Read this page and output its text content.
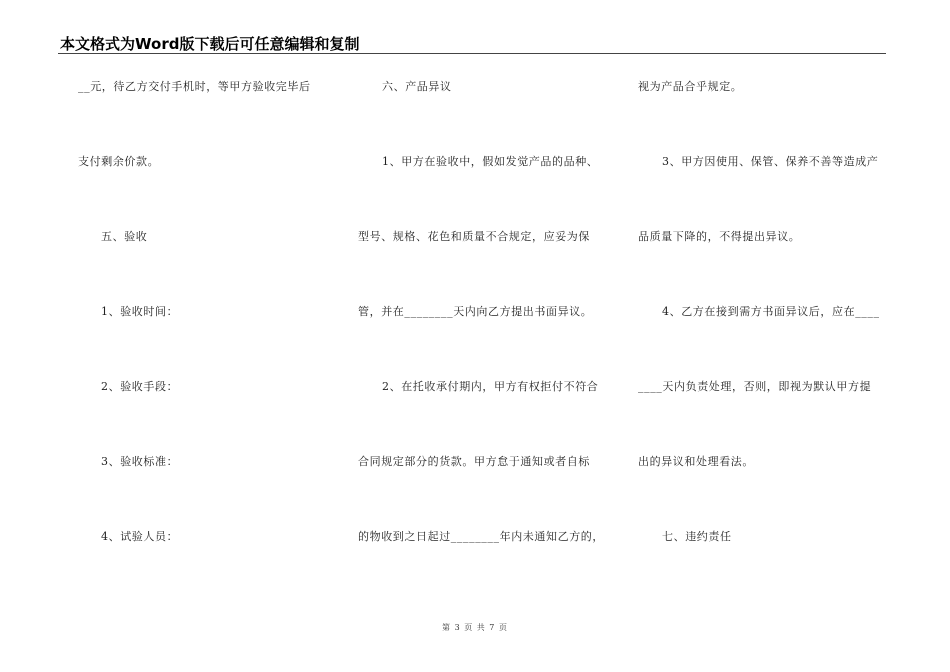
本文格式为Word版下载后可任意编辑和复制
__元，待乙方交付手机时，等甲方验收完毕后
支付剩余价款。
五、验收
1、验收时间：
2、验收手段：
3、验收标准：
4、试验人员：
六、产品异议
1、甲方在验收中，假如发觉产品的品种、
型号、规格、花色和质量不合规定，应妥为保
管，并在________天内向乙方提出书面异议。
2、在托收承付期内，甲方有权拒付不符合
合同规定部分的货款。甲方怠于通知或者自标
的物收到之日起过________年内未通知乙方的，
视为产品合乎规定。
3、甲方因使用、保管、保养不善等造成产
品质量下降的，不得提出异议。
4、乙方在接到需方书面异议后，应在____
____天内负责处理，否则，即视为默认甲方提
出的异议和处理看法。
七、违约责任
第 3 页 共 7 页
